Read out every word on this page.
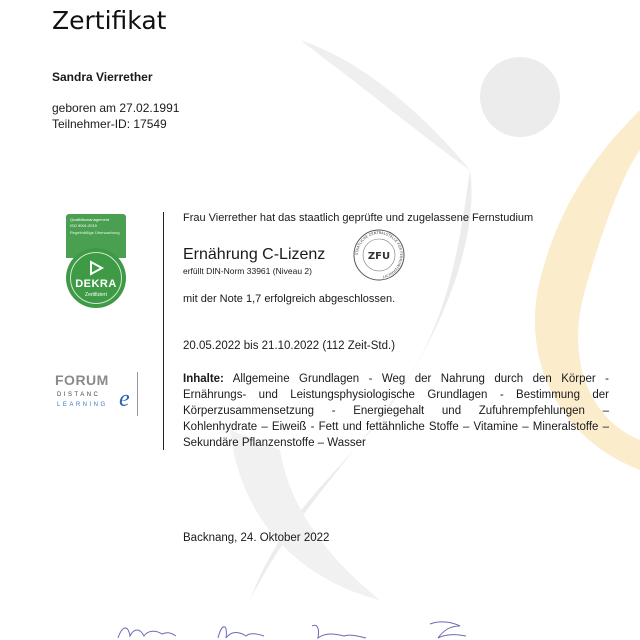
Zertifikat
Sandra Vierrether
geboren am 27.02.1991
Teilnehmer-ID: 17549
Qualitätsmanagement
ISO 9001:2015
Regelmäßige Überwachung
DEKRA
Zertifiziert
FORUM
DISTANC e
LEARNING
Frau Vierrether hat das staatlich geprüfte und zugelassene Fernstudium
Ernährung C-Lizenz
erfüllt DIN-Norm 33961 (Niveau 2)
STAATLICHE ZENTRALSTELLE FÜR FERNUNTERRICHT
ZFU
mit der Note 1,7 erfolgreich abgeschlossen.
20.05.2022 bis 21.10.2022 (112 Zeit-Std.)
Inhalte: Allgemeine Grundlagen - Weg der Nahrung durch den Körper - Ernährungs- und Leistungsphysiologische Grundlagen - Bestimmung der Körperzusammensetzung - Energiegehalt und Zufuhrempfehlungen – Kohlenhydrate – Eiweiß - Fett und fettähnliche Stoffe – Vitamine – Mineralstoffe – Sekundäre Pflanzenstoffe – Wasser
Backnang, 24. Oktober 2022
